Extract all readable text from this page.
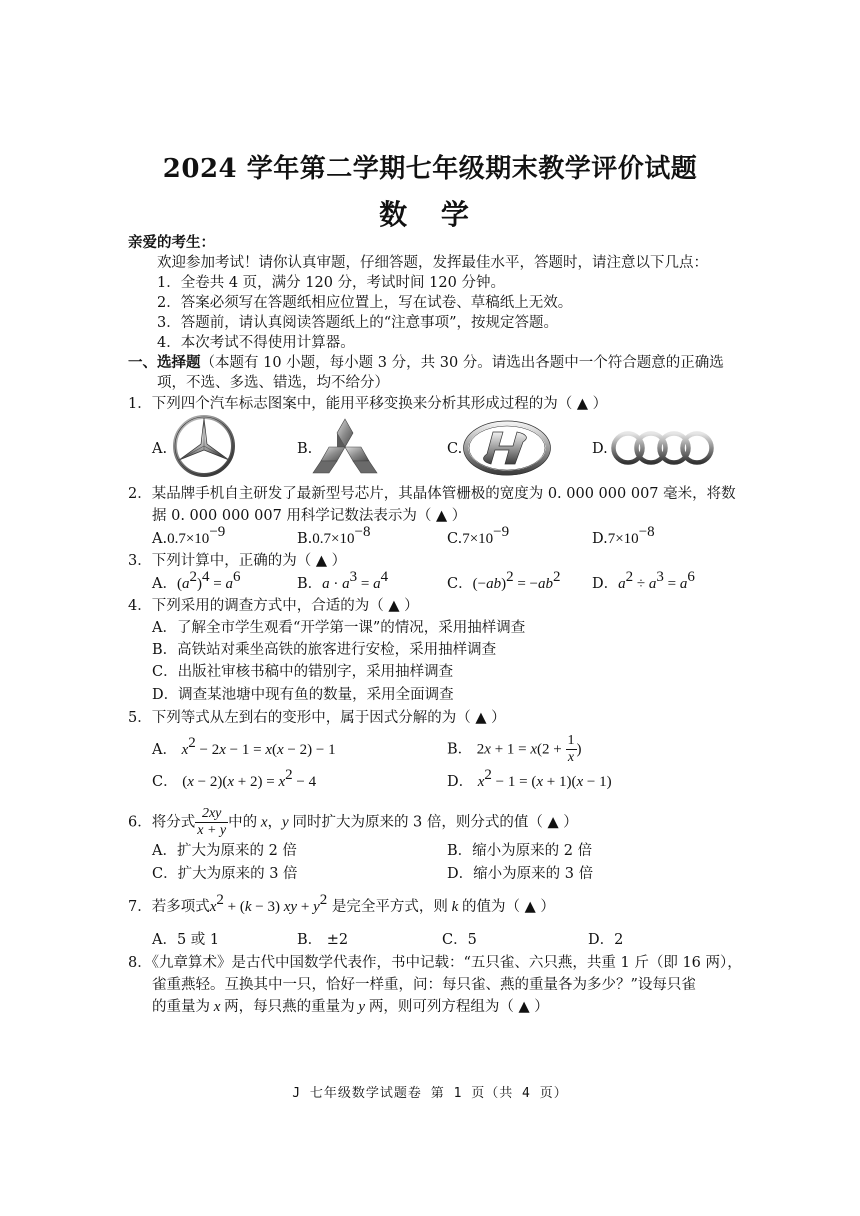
2024 学年第二学期七年级期末教学评价试题
数 学
亲爱的考生：
欢迎参加考试！请你认真审题，仔细答题，发挥最佳水平，答题时，请注意以下几点：
1．全卷共 4 页，满分 120 分，考试时间 120 分钟。
2．答案必须写在答题纸相应位置上，写在试卷、草稿纸上无效。
3．答题前，请认真阅读答题纸上的“注意事项”，按规定答题。
4．本次考试不得使用计算器。
一、选择题（本题有 10 小题，每小题 3 分，共 30 分。请选出各题中一个符合题意的正确选
项，不选、多选、错选，均不给分）
1．下列四个汽车标志图案中，能用平移变换来分析其形成过程的为（ ▲ ）
A.	B.	C.	D.
2．某品牌手机自主研发了最新型号芯片，其晶体管栅极的宽度为 0. 000 000 007 毫米，将数
据 0. 000 000 007 用科学记数法表示为（ ▲ ）
$A.0.7\times 10^{-9}$	$B.0.7\times 10^{-8}$	$C.7\times 10^{-9}$	$D.7\times 10^{-8}$
3．下列计算中，正确的为（ ▲ ）
A．$(a^2)^4 = a^6$	B．$a \cdot a^3 = a^4$	C．$(-ab)^2 = -ab^2$ D．$a^2 \div a^3 = a^6$
4．下列采用的调查方式中，合适的为（ ▲ ）
A．了解全市学生观看“开学第一课”的情况，采用抽样调查
B．高铁站对乘坐高铁的旅客进行安检，采用抽样调查
C．出版社审核书稿中的错别字，采用抽样调查
D．调查某池塘中现有鱼的数量，采用全面调查
5．下列等式从左到右的变形中，属于因式分解的为（ ▲ ）
A． $x^2 - 2x - 1 = x(x - 2) - 1$	B． $2x + 1 = x(2 + \frac{1}{x}$ )
C． $(x - 2)(x + 2) = x^2 - 4$	D． $x^2 - 1 = (x + 1)(x - 1)$
6．将分式 $\frac{2xy}{x + y}$ 中的 x，y 同时扩大为原来的 3 倍，则分式的值（ ▲ ）
A．扩大为原来的 2 倍	B．缩小为原来的 2 倍
C．扩大为原来的 3 倍	D．缩小为原来的 3 倍
7．若多项式$x^2 + (k - 3)$ xy + $y^2$ 是完全平方式，则 k 的值为（ ▲ ）
A．5 或 1	B． ±2	C．5	D．2
8．《九章算术》是古代中国数学代表作，书中记载：“五只雀、六只燕，共重 1 斤（即 16 两），
雀重燕轻。互换其中一只，恰好一样重，问：每只雀、燕的重量各为多少？”设每只雀
的重量为 x 两，每只燕的重量为 y 两，则可列方程组为（ ▲ ）
J 七年级数学试题卷 第 1 页（共 4 页）
